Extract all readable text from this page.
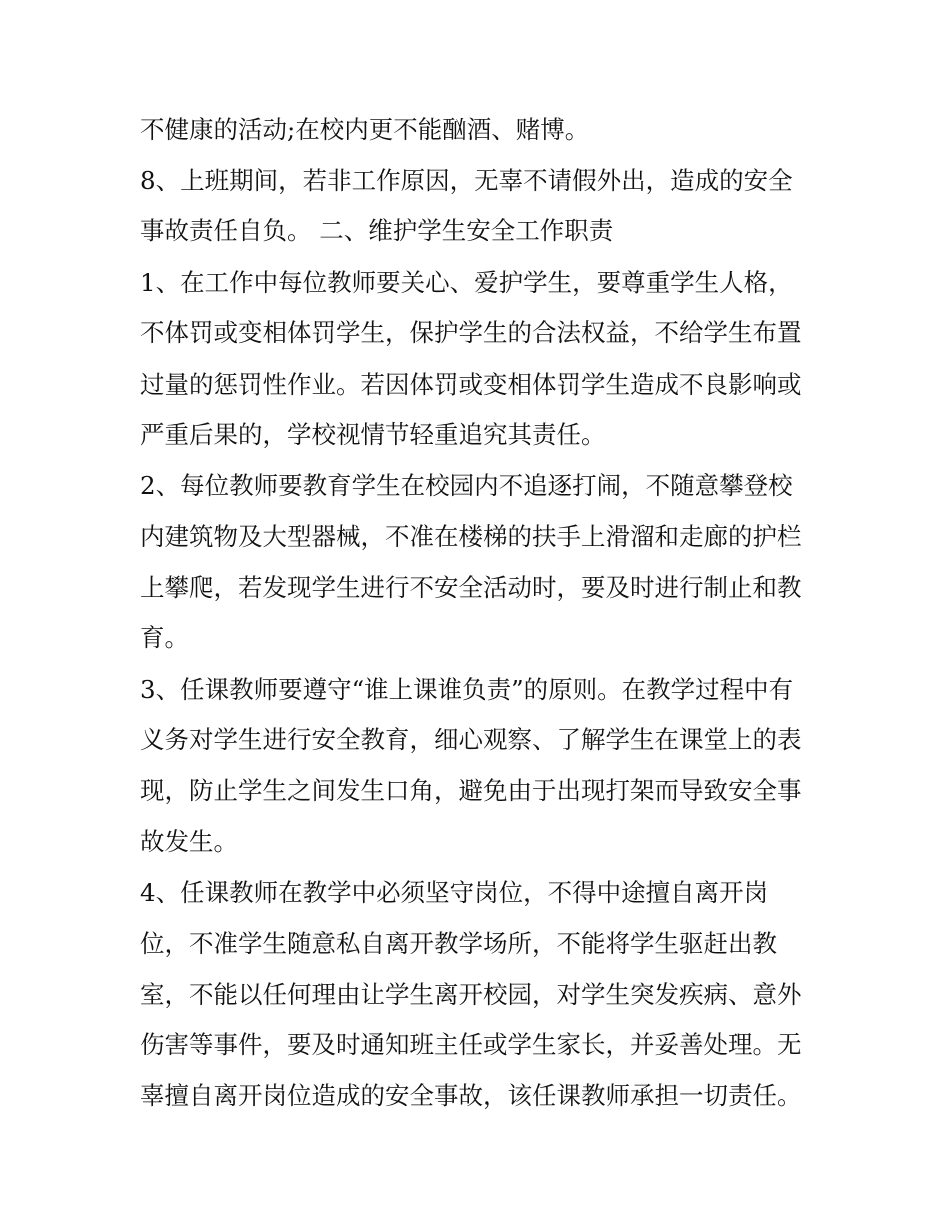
不健康的活动;在校内更不能酗酒、赌博。
8、上班期间，若非工作原因，无辜不请假外出，造成的安全
事故责任自负。 二、维护学生安全工作职责
1、在工作中每位教师要关心、爱护学生，要尊重学生人格，
不体罚或变相体罚学生，保护学生的合法权益，不给学生布置
过量的惩罚性作业。若因体罚或变相体罚学生造成不良影响或
严重后果的，学校视情节轻重追究其责任。
2、每位教师要教育学生在校园内不追逐打闹，不随意攀登校
内建筑物及大型器械，不准在楼梯的扶手上滑溜和走廊的护栏
上攀爬，若发现学生进行不安全活动时，要及时进行制止和教
育。
3、任课教师要遵守“谁上课谁负责”的原则。在教学过程中有
义务对学生进行安全教育，细心观察、了解学生在课堂上的表
现，防止学生之间发生口角，避免由于出现打架而导致安全事
故发生。
4、任课教师在教学中必须坚守岗位，不得中途擅自离开岗
位，不准学生随意私自离开教学场所，不能将学生驱赶出教
室，不能以任何理由让学生离开校园，对学生突发疾病、意外
伤害等事件，要及时通知班主任或学生家长，并妥善处理。无
辜擅自离开岗位造成的安全事故，该任课教师承担一切责任。
